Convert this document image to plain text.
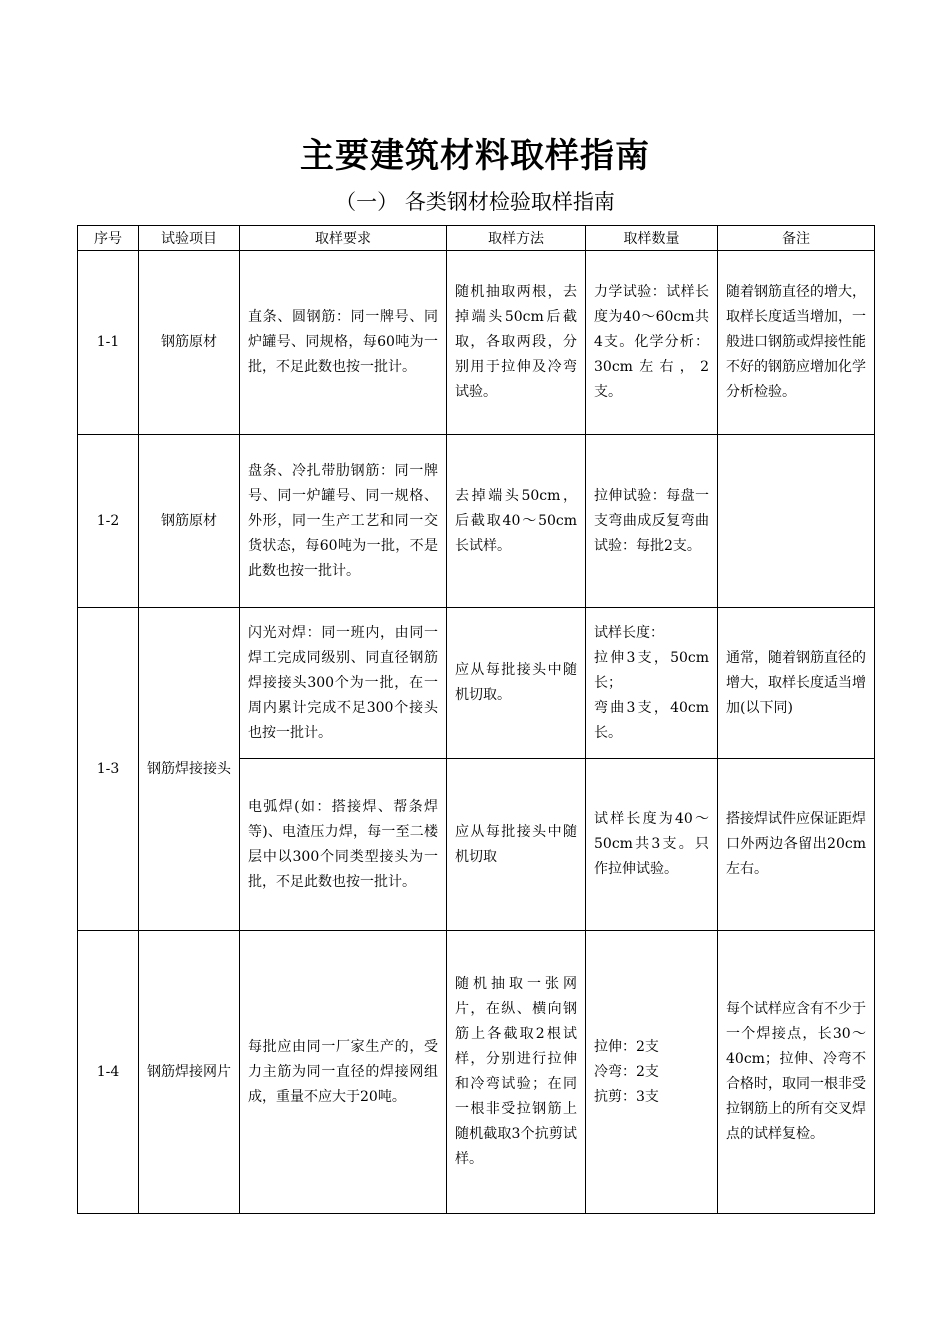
主要建筑材料取样指南
（一） 各类钢材检验取样指南
序号	试验项目	取样要求	取样方法	取样数量	备注
1-1	钢筋原材	直条、圆钢筋：同一牌号、同炉罐号、同规格，每60吨为一批，不足此数也按一批计。	随机抽取两根，去掉端头50cm后截取，各取两段，分别用于拉伸及冷弯试验。	力学试验：试样长度为40～60cm共4支。化学分析：30cm左右，2支。	随着钢筋直径的增大，取样长度适当增加，一般进口钢筋或焊接性能不好的钢筋应增加化学分析检验。
1-2	钢筋原材	盘条、冷扎带肋钢筋：同一牌号、同一炉罐号、同一规格、外形，同一生产工艺和同一交货状态，每60吨为一批，不是此数也按一批计。	去掉端头50cm，后截取40～50cm长试样。	拉伸试验：每盘一支弯曲成反复弯曲试验：每批2支。	
1-3	钢筋焊接接头	闪光对焊：同一班内，由同一焊工完成同级别、同直径钢筋焊接接头300个为一批，在一周内累计完成不足300个接头也按一批计。	应从每批接头中随机切取。	试样长度：
拉伸3支，50cm长；
弯曲3支，40cm长。	通常，随着钢筋直径的增大，取样长度适当增加(以下同)
		电弧焊(如：搭接焊、帮条焊等)、电渣压力焊，每一至二楼层中以300个同类型接头为一批，不足此数也按一批计。	应从每批接头中随机切取	试样长度为40～50cm共3支。只作拉伸试验。	搭接焊试件应保证距焊口外两边各留出20cm左右。
1-4	钢筋焊接网片	每批应由同一厂家生产的，受力主筋为同一直径的焊接网组成，重量不应大于20吨。	随机抽取一张网片，在纵、横向钢筋上各截取2根试样，分别进行拉伸和冷弯试验；在同一根非受拉钢筋上随机截取3个抗剪试样。	拉伸：2支
冷弯：2支
抗剪：3支	每个试样应含有不少于一个焊接点，长30～40cm；拉伸、冷弯不合格时，取同一根非受拉钢筋上的所有交叉焊点的试样复检。
